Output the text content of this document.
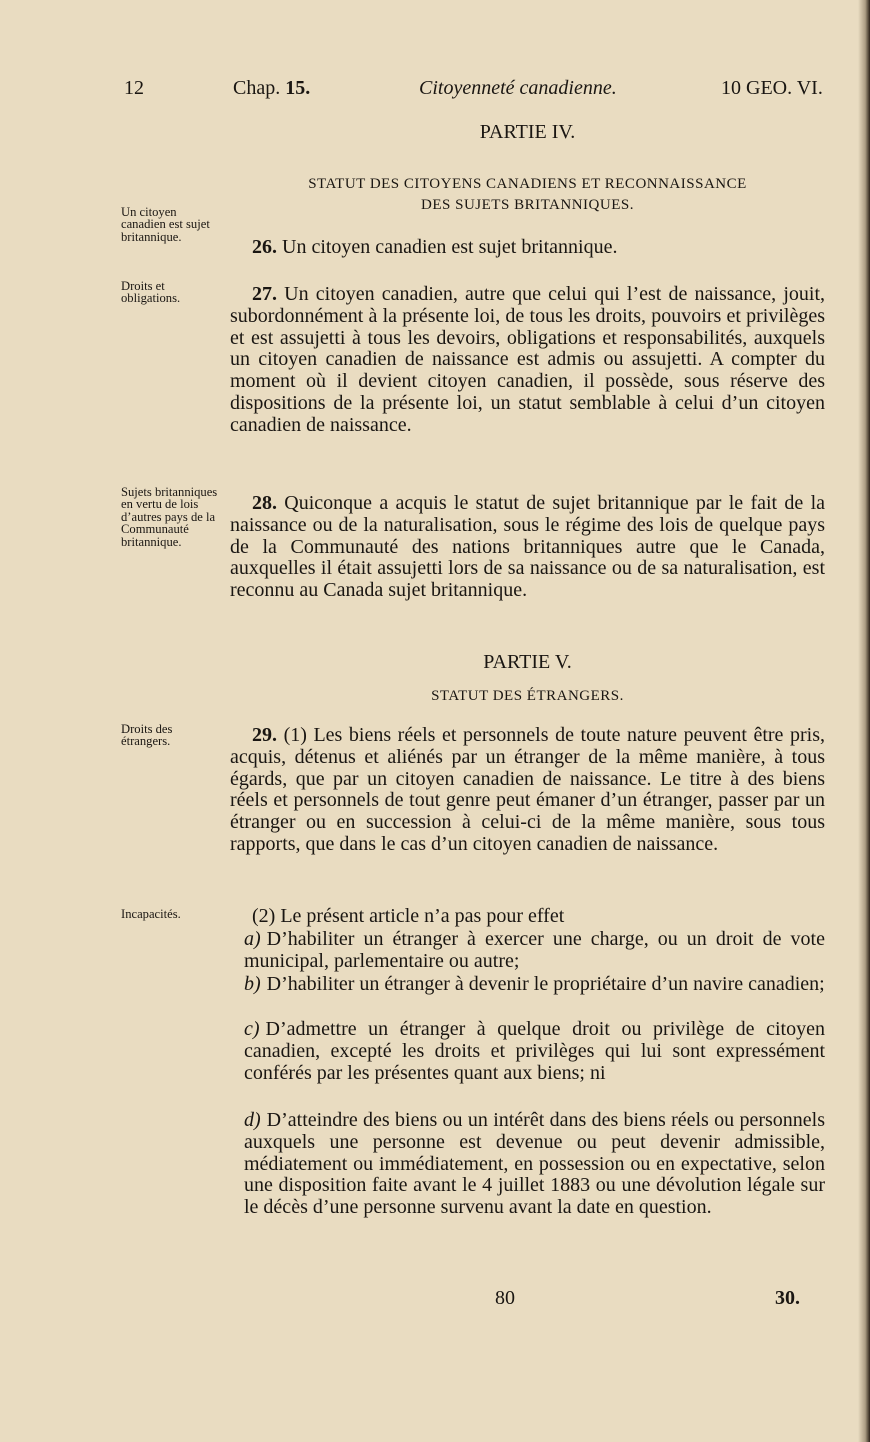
12	Chap. 15.	Citoyenneté canadienne.	10 GEO. VI.
PARTIE IV.
STATUT DES CITOYENS CANADIENS ET RECONNAISSANCE
DES SUJETS BRITANNIQUES.

Un citoyen canadien est sujet britannique.	26. Un citoyen canadien est sujet britannique.

Droits et obligations.	27. Un citoyen canadien, autre que celui qui l’est de naissance, jouit, subordonnément à la présente loi, de tous les droits, pouvoirs et privilèges et est assujetti à tous les devoirs, obligations et responsabilités, auxquels un citoyen canadien de naissance est admis ou assujetti. A compter du moment où il devient citoyen canadien, il possède, sous réserve des dispositions de la présente loi, un statut semblable à celui d’un citoyen canadien de naissance.

Sujets britanniques en vertu de lois d’autres pays de la Communauté britannique.

28. Quiconque a acquis le statut de sujet britannique par le fait de la naissance ou de la naturalisation, sous le régime des lois de quelque pays de la Communauté des nations britanniques autre que le Canada, auxquelles il était assujetti lors de sa naissance ou de sa naturalisation, est reconnu au Canada sujet britannique.

PARTIE V.
STATUT DES ÉTRANGERS.

Droits des étrangers.	29. (1) Les biens réels et personnels de toute nature peuvent être pris, acquis, détenus et aliénés par un étranger de la même manière, à tous égards, que par un citoyen canadien de naissance. Le titre à des biens réels et personnels de tout genre peut émaner d’un étranger, passer par un étranger ou en succession à celui-ci de la même manière, sous tous rapports, que dans le cas d’un citoyen canadien de naissance.

Incapacités.	(2) Le présent article n’a pas pour effet

a) D’habiliter un étranger à exercer une charge, ou un droit de vote municipal, parlementaire ou autre;

b) D’habiliter un étranger à devenir le propriétaire d’un navire canadien;

c) D’admettre un étranger à quelque droit ou privilège de citoyen canadien, excepté les droits et privilèges qui lui sont expressément conférés par les présentes quant aux biens; ni

d) D’atteindre des biens ou un intérêt dans des biens réels ou personnels auxquels une personne est devenue ou peut devenir admissible, médiatement ou immédiatement, en possession ou en expectative, selon une disposition faite avant le 4 juillet 1883 ou une dévolution légale sur le décès d’une personne survenu avant la date en question.

80	30.
